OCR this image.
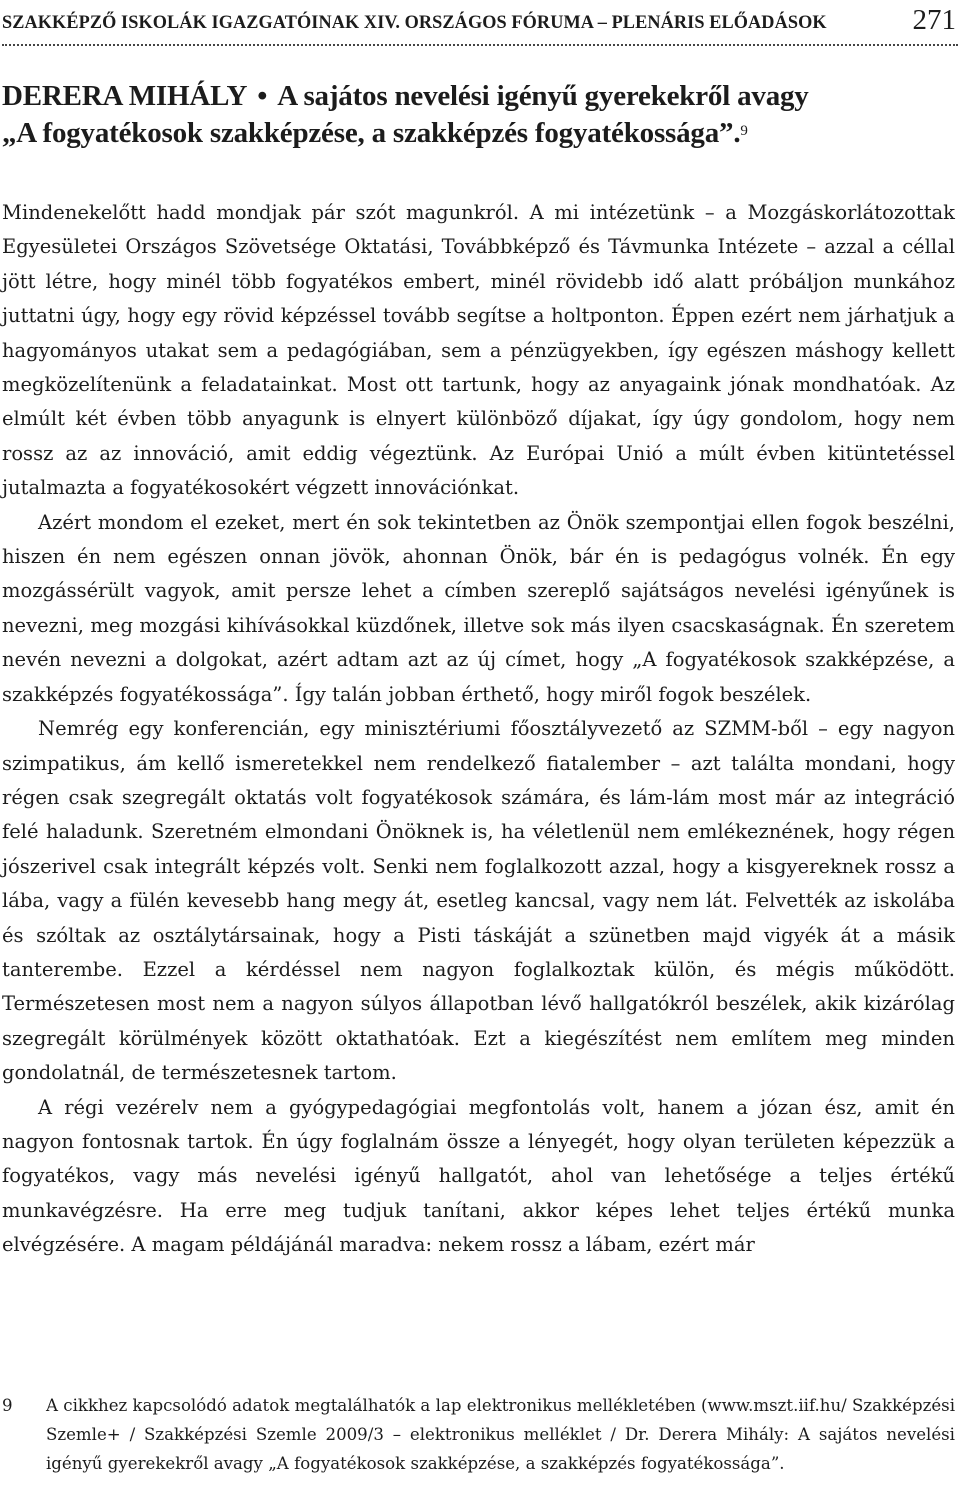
SZAKKÉPZŐ ISKOLÁK IGAZGATÓINAK XIV. ORSZÁGOS FÓRUMA – PLENÁRIS ELŐADÁSOK	271
DERERA MIHÁLY • A sajátos nevelési igényű gyerekekről avagy
„A fogyatékosok szakképzése, a szakképzés fogyatékossága”.$^9$

Mindenekelőtt hadd mondjak pár szót magunkról. A mi intézetünk – a Mozgáskorlátozottak Egyesületei Országos Szövetsége Oktatási, Továbbképző és Távmunka Intézete – azzal a céllal jött létre, hogy minél több fogyatékos embert, minél rövidebb idő alatt próbáljon munkához juttatni úgy, hogy egy rövid képzéssel tovább segítse a holtponton. Éppen ezért nem járhatjuk a hagyományos utakat sem a pedagógiában, sem a pénzügyekben, így egészen máshogy kellett megközelítenünk a feladatainkat. Most ott tartunk, hogy az anyagaink jónak mondhatóak. Az elmúlt két évben több anyagunk is elnyert különböző díjakat, így úgy gondolom, hogy nem rossz az az innováció, amit eddig végeztünk. Az Európai Unió a múlt évben kitüntetéssel jutalmazta a fogyatékosokért végzett innovációnkat.

Azért mondom el ezeket, mert én sok tekintetben az Önök szempontjai ellen fogok beszélni, hiszen én nem egészen onnan jövök, ahonnan Önök, bár én is pedagógus volnék. Én egy mozgássérült vagyok, amit persze lehet a címben szereplő sajátságos nevelési igényűnek is nevezni, meg mozgási kihívásokkal küzdőnek, illetve sok más ilyen csacskaságnak. Én szeretem nevén nevezni a dolgokat, azért adtam azt az új címet, hogy „A fogyatékosok szakképzése, a szakképzés fogyatékossága”. Így talán jobban érthető, hogy miről fogok beszélek.

Nemrég egy konferencián, egy minisztériumi főosztályvezető az SZMM-ből – egy nagyon szimpatikus, ám kellő ismeretekkel nem rendelkező fiatalember – azt találta mondani, hogy régen csak szegregált oktatás volt fogyatékosok számára, és lám-lám most már az integráció felé haladunk. Szeretném elmondani Önöknek is, ha véletlenül nem emlékeznének, hogy régen jószerivel csak integrált képzés volt. Senki nem foglalkozott azzal, hogy a kisgyereknek rossz a lába, vagy a fülén kevesebb hang megy át, esetleg kancsal, vagy nem lát. Felvették az iskolába és szóltak az osztálytársainak, hogy a Pisti táskáját a szünetben majd vigyék át a másik tanterembe. Ezzel a kérdéssel nem nagyon foglalkoztak külön, és mégis működött. Természetesen most nem a nagyon súlyos állapotban lévő hallgatókról beszélek, akik kizárólag szegregált körülmények között oktathatóak. Ezt a kiegészítést nem említem meg minden gondolatnál, de természetesnek tartom.

A régi vezérelv nem a gyógypedagógiai megfontolás volt, hanem a józan ész, amit én nagyon fontosnak tartok. Én úgy foglalnám össze a lényegét, hogy olyan területen képezzük a fogyatékos, vagy más nevelési igényű hallgatót, ahol van lehetősége a teljes értékű munkavégzésre. Ha erre meg tudjuk tanítani, akkor képes lehet teljes értékű munka elvégzésére. A magam példájánál maradva: nekem rossz a lábam, ezért már

9 A cikkhez kapcsolódó adatok megtalálhatók a lap elektronikus mellékletében (www.mszt.iif.hu/ Szakképzési Szemle+ / Szakképzési Szemle 2009/3 – elektronikus melléklet / Dr. Derera Mihály: A sajátos nevelési igényű gyerekekről avagy „A fogyatékosok szakképzése, a szakképzés fogyatékossága”.
